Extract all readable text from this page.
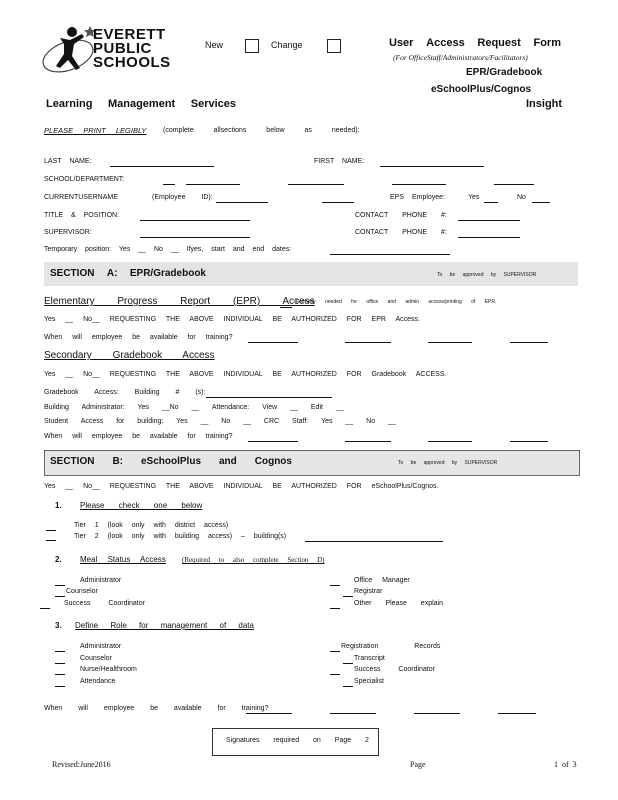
EVERETT
PUBLIC
SCHOOLS
New	Change	User Access Request Form
(For OfficeStaff/Administrators/Facilitators)
EPR/Gradebook
eSchoolPlus/Cognos
Learning Management Services	Insight
PLEASE PRINT LEGIBLY (complete allsections below as needed):
LAST NAME:	FIRST NAME:
SCHOOL/DEPARTMENT:
CURRENTUSERNAME	(Employee ID):	EPS Employee:	Yes	No
TITLE & POSITION:	CONTACT PHONE #:
SUPERVISOR:	CONTACT PHONE #:
Temporary position: Yes __ No __ Ifyes, start and end dates:
SECTION A: EPR/Gradebook	To be approved by SUPERVISOR
Elementary Progress Report (EPR) Access
Formerly needed for office and admin access/printing of EPR.
Yes __ No__ REQUESTING THE ABOVE INDIVIDUAL BE AUTHORIZED FOR EPR Access.
When will employee be available for training?
Secondary Gradebook Access
Yes __ No__ REQUESTING THE ABOVE INDIVIDUAL BE AUTHORIZED FOR Gradebook ACCESS.
Gradebook Access: Building # (s):
Building Administrator: Yes __No __ Attendance: View __ Edit __
Student Access for building: Yes __ No __ CRC Staff: Yes __ No __
When will employee be available for training?
SECTION B: eSchoolPlus and Cognos	To be approved by SUPERVISOR
Yes __ No__ REQUESTING THE ABOVE INDIVIDUAL BE AUTHORIZED FOR eSchoolPlus/Cognos.
1. Please check one below
Tier 1 (look only with district access)
Tier 2 (look only with building access) – building(s)
2. Meal Status Access (Required to also complete Section D)
Administrator
Counselor
Success Coordinator
Office Manager
Registrar
Other Please explain
3. Define Role for management of data
Administrator
Counselor
Nurse/Healthroom
Attendance
Registration Records
Transcript
Success Coordinator
Specialist
When will employee be available for training?
Signatures required on Page 2
Revised:June2016	Page	1 of 3
